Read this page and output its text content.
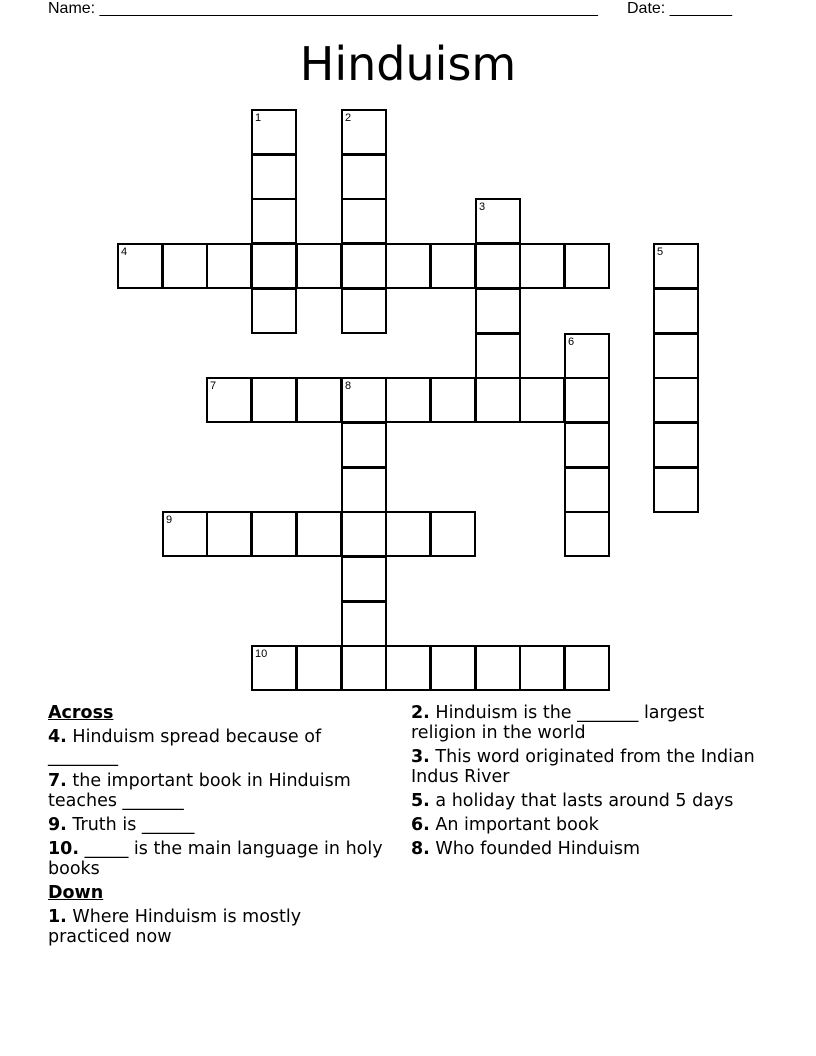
Name: ________________________________________________________ Date: _______
Hinduism
1	2
3
4	5
6
7	8
9
10
Across
4. Hinduism spread because of ________
7. the important book in Hinduism teaches _______
9. Truth is ______
10. _____ is the main language in holy books
Down
1. Where Hinduism is mostly practiced now
2. Hinduism is the _______ largest religion in the world
3. This word originated from the Indian Indus River
5. a holiday that lasts around 5 days
6. An important book
8. Who founded Hinduism
